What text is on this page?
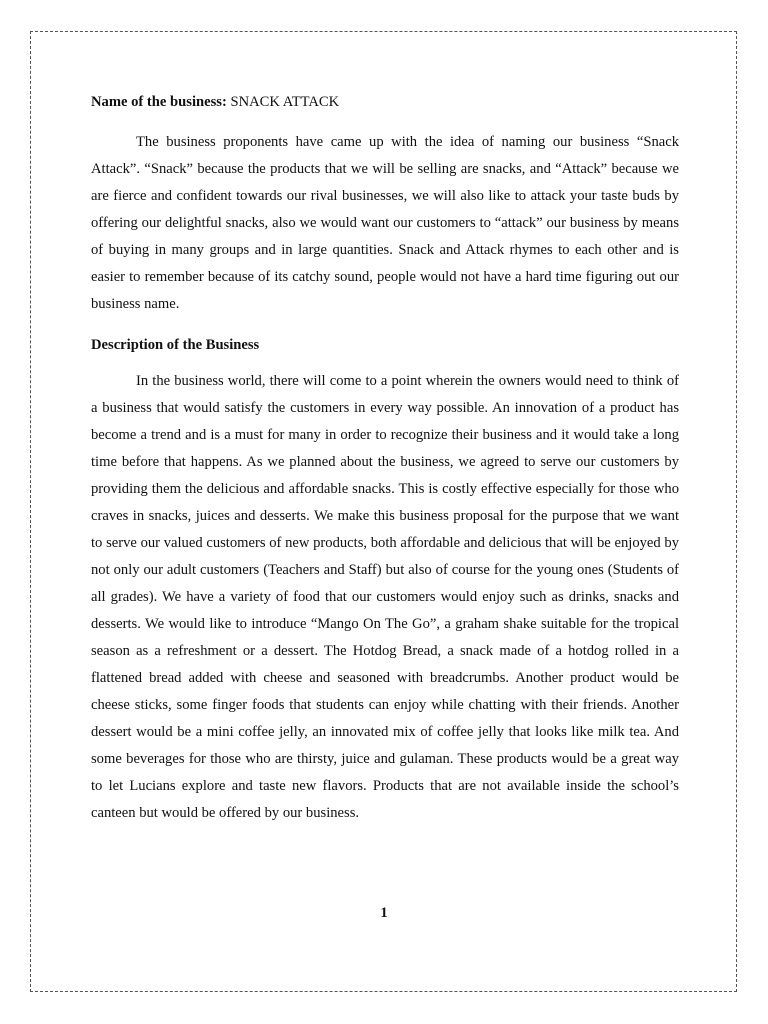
Name of the business: SNACK ATTACK

The business proponents have came up with the idea of naming our business “Snack Attack”. “Snack” because the products that we will be selling are snacks, and “Attack” because we are fierce and confident towards our rival businesses, we will also like to attack your taste buds by offering our delightful snacks, also we would want our customers to “attack” our business by means of buying in many groups and in large quantities. Snack and Attack rhymes to each other and is easier to remember because of its catchy sound, people would not have a hard time figuring out our business name.

Description of the Business

In the business world, there will come to a point wherein the owners would need to think of a business that would satisfy the customers in every way possible. An innovation of a product has become a trend and is a must for many in order to recognize their business and it would take a long time before that happens. As we planned about the business, we agreed to serve our customers by providing them the delicious and affordable snacks. This is costly effective especially for those who craves in snacks, juices and desserts. We make this business proposal for the purpose that we want to serve our valued customers of new products, both affordable and delicious that will be enjoyed by not only our adult customers (Teachers and Staff) but also of course for the young ones (Students of all grades). We have a variety of food that our customers would enjoy such as drinks, snacks and desserts. We would like to introduce “Mango On The Go”, a graham shake suitable for the tropical season as a refreshment or a dessert. The Hotdog Bread, a snack made of a hotdog rolled in a flattened bread added with cheese and seasoned with breadcrumbs. Another product would be cheese sticks, some finger foods that students can enjoy while chatting with their friends. Another dessert would be a mini coffee jelly, an innovated mix of coffee jelly that looks like milk tea. And some beverages for those who are thirsty, juice and gulaman. These products would be a great way to let Lucians explore and taste new flavors. Products that are not available inside the school’s canteen but would be offered by our business.

1
